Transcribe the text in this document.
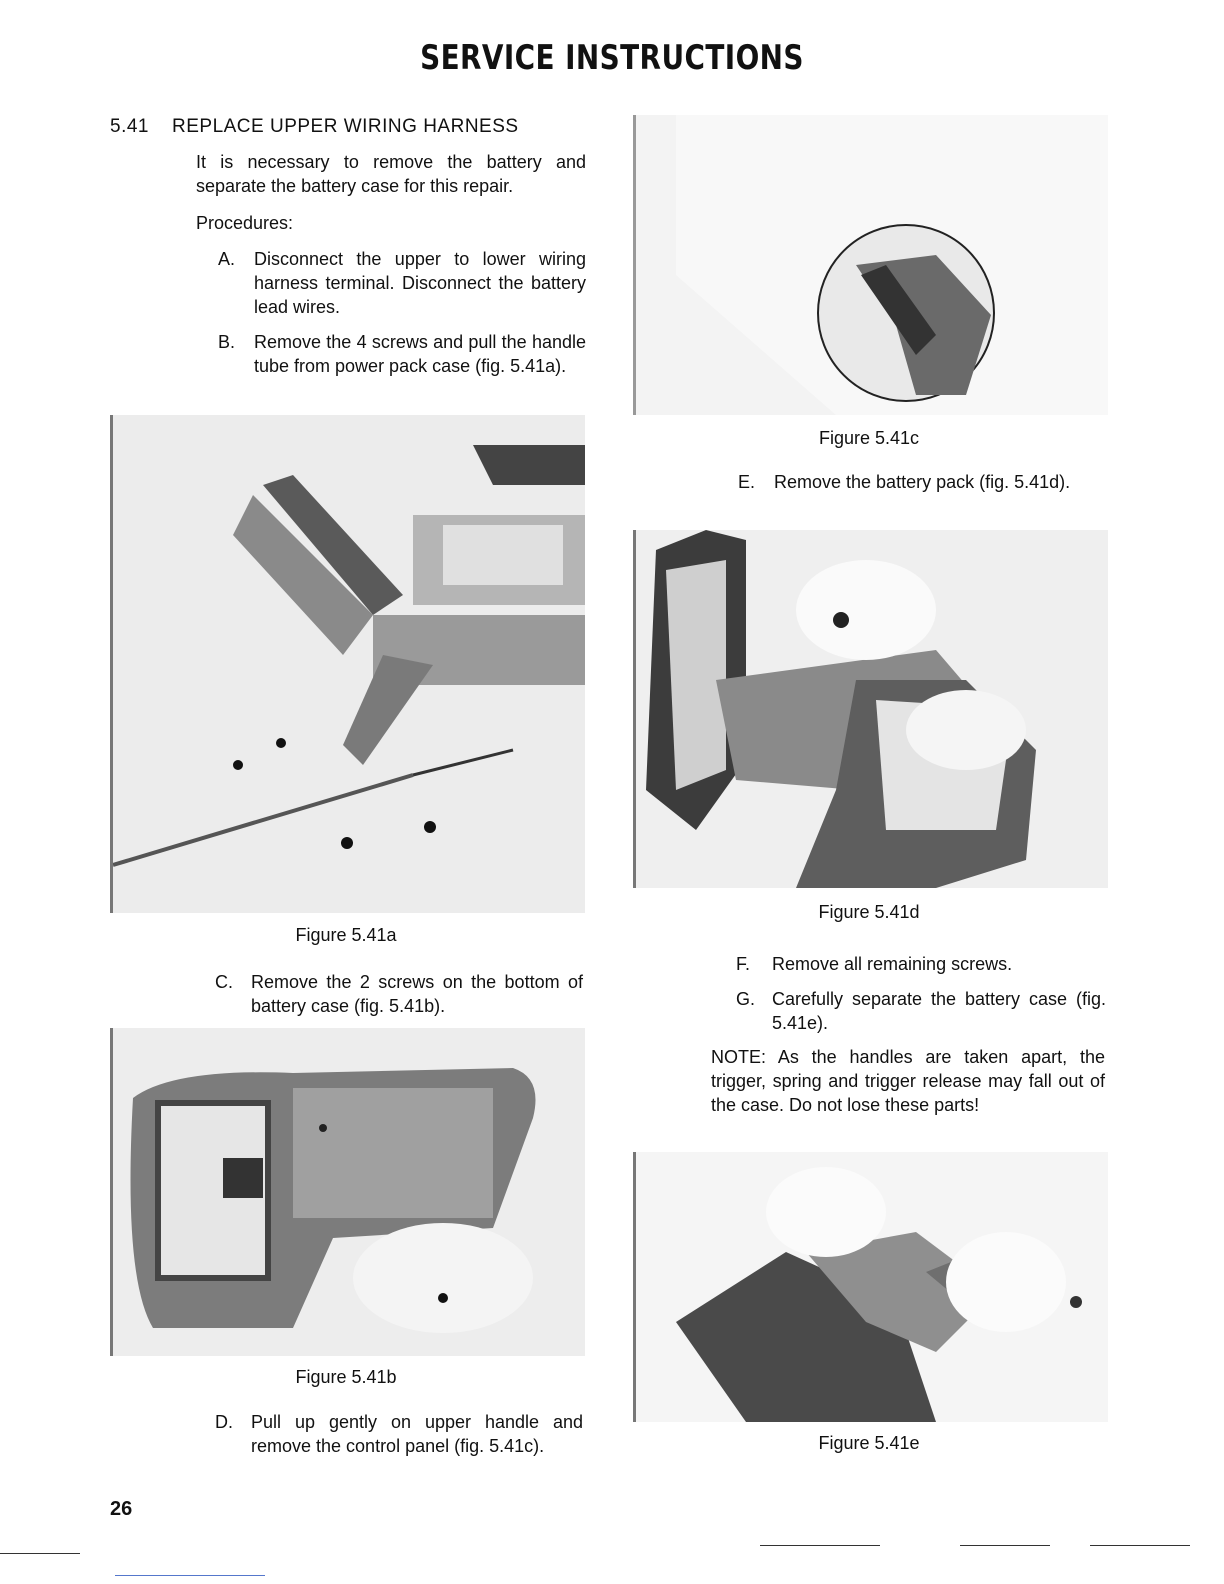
SERVICE INSTRUCTIONS
5.41 REPLACE UPPER WIRING HARNESS
It is necessary to remove the battery and separate the battery case for this repair.
Procedures:
A. Disconnect the upper to lower wiring harness terminal. Disconnect the battery lead wires.
B. Remove the 4 screws and pull the handle tube from power pack case (fig. 5.41a).
Figure 5.41a
C. Remove the 2 screws on the bottom of battery case (fig. 5.41b).
Figure 5.41b
D. Pull up gently on upper handle and remove the control panel (fig. 5.41c).
Figure 5.41c
E. Remove the battery pack (fig. 5.41d).
Figure 5.41d
F. Remove all remaining screws.
G. Carefully separate the battery case (fig. 5.41e).
NOTE: As the handles are taken apart, the trigger, spring and trigger release may fall out of the case. Do not lose these parts!
Figure 5.41e
26
